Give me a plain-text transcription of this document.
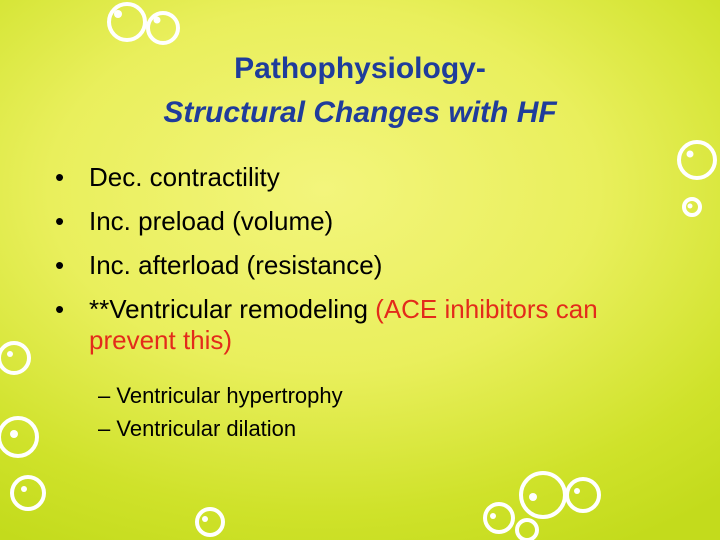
Pathophysiology-
Structural Changes with HF
• Dec. contractility
• Inc. preload (volume)
• Inc. afterload (resistance)
• **Ventricular remodeling (ACE inhibitors can prevent this)
– Ventricular hypertrophy
– Ventricular dilation
